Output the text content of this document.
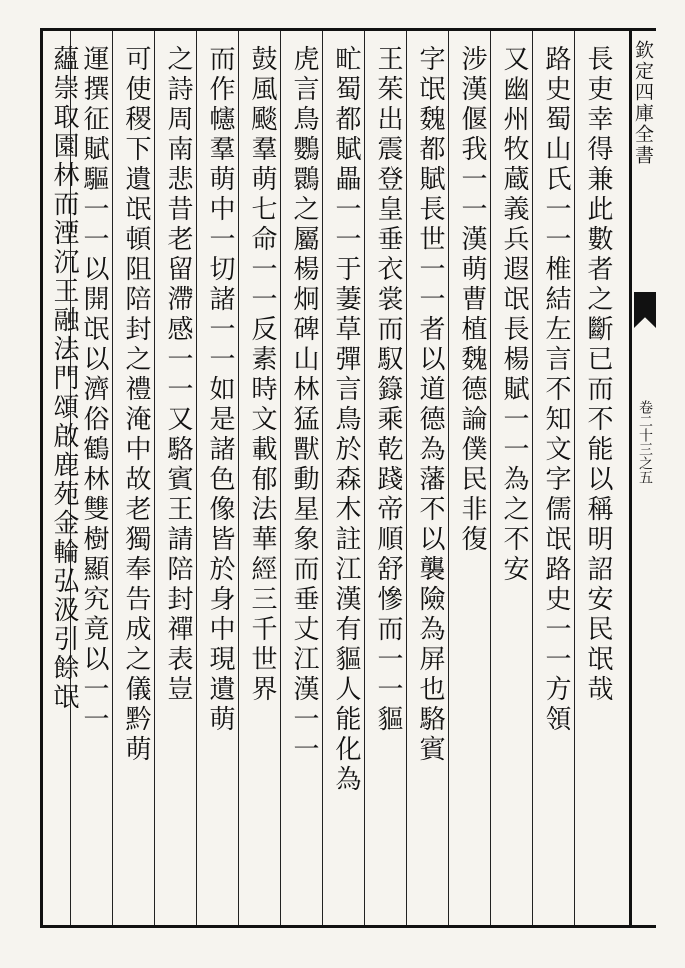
欽定四庫全書
卷二十三之五
長吏幸得兼此數者之斷已而不能以稱明詔安民氓哉
路史蜀山氏一一椎結左言不知文字儒氓路史一一方領
又幽州牧蔵義兵遐氓長楊賦一一為之不安
涉漢偃我一一漢萌曹植魏德論僕民非復
字氓魏都賦長世一一者以道德為藩不以襲險為屏也駱賓
王茱出震登皇垂衣裳而馭籙乘乾踐帝順舒慘而一一貙
甿蜀都賦畾一一于萋草彈言鳥於森木註江漢有貙人能化為
虎言鳥鸚䴉之屬楊炯碑山林猛獸動星象而垂丈江漢一一
鼓風颷羣萌七命一一反素時文載郁法華經三千世界
而作幰羣萌中一切諸一一如是諸色像皆於身中現遺萌
之詩周南悲昔老留滯感一一又駱賓王請陪封禪表豈
可使稷下遺氓頓阻陪封之禮淹中故老獨奉告成之儀黔萌
運撰征賦驅一一以開氓以濟俗鶴林雙樹顯究竟以一一
蘊崇取園林而湮沉王融法門頌啟鹿苑金輪弘汲引餘氓
